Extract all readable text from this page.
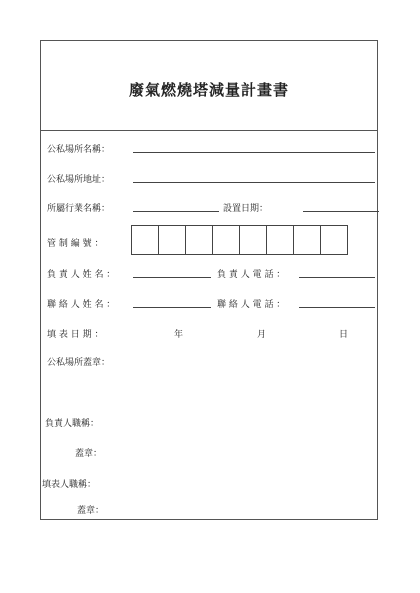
廢氣燃燒塔減量計畫書
公私場所名稱：
公私場所地址：
所屬行業名稱：	設置日期：
管 制 編 號 ：
負 責 人 姓 名 ：	負 責 人 電 話 ：
聯 絡 人 姓 名 ：	聯 絡 人 電 話 ：
填 表 日 期 ：	年	月	日
公私場所蓋章：
負責人職稱：
蓋章：
填表人職稱：
蓋章：
